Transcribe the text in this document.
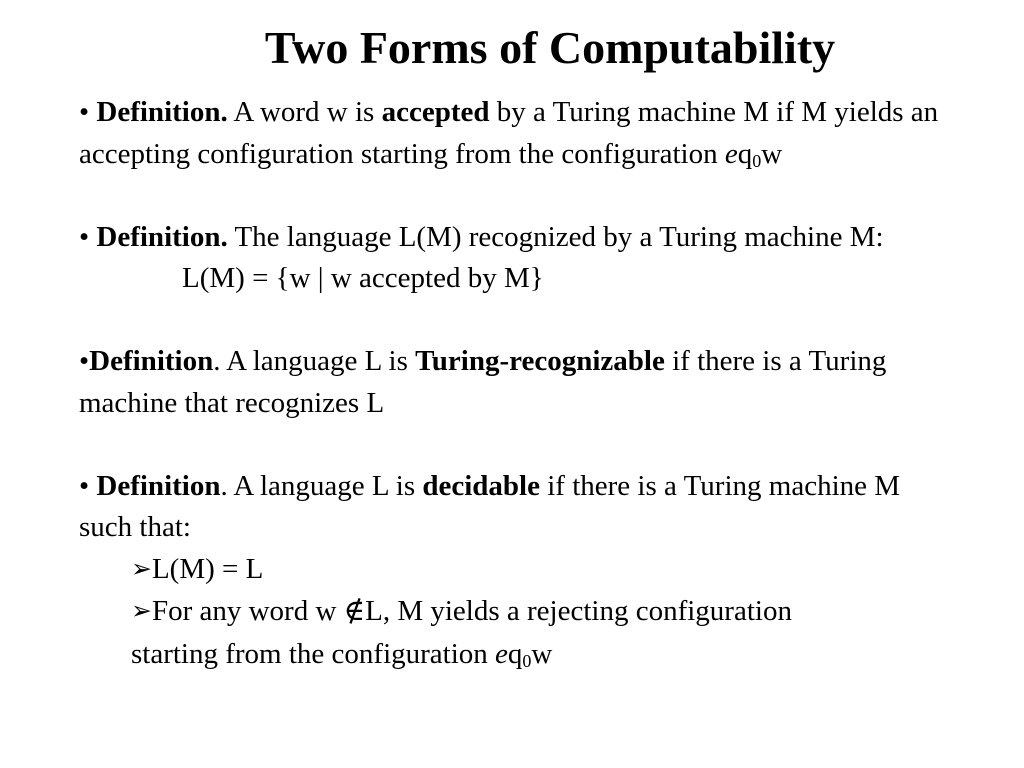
Two Forms of Computability
• Definition. A word w is accepted by a Turing machine M if M yields an accepting configuration starting from the configuration $eq_0w$
• Definition. The language L(M) recognized by a Turing machine M:
L(M) = {w | w accepted by M}
•Definition. A language L is Turing-recognizable if there is a Turing machine that recognizes L
• Definition. A language L is decidable if there is a Turing machine M such that:
➢L(M) = L
➢For any word w ∉L, M yields a rejecting configuration
starting from the configuration $eq_0w$
